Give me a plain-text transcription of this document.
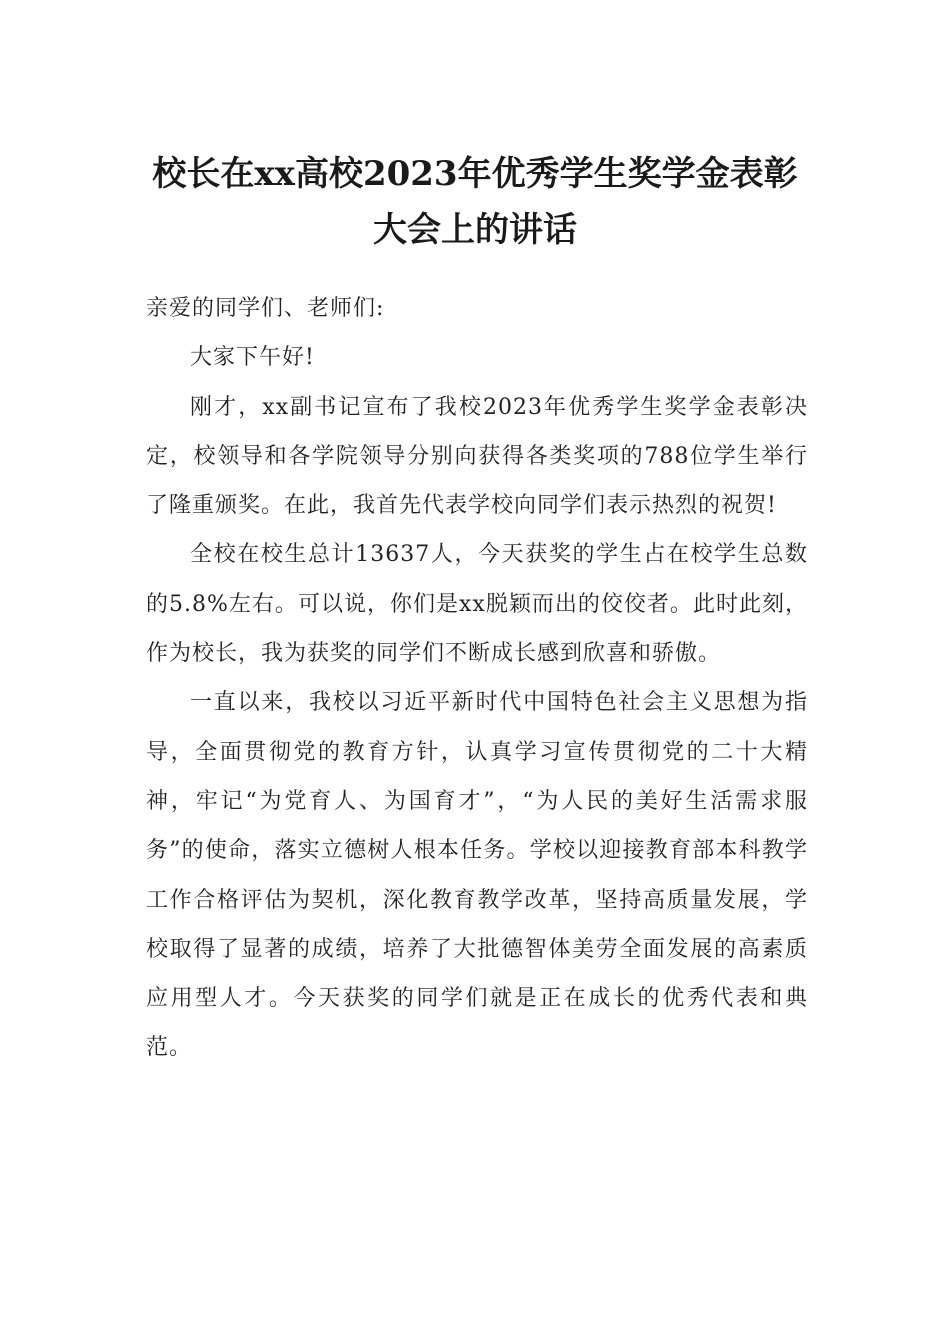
校长在xx高校2023年优秀学生奖学金表彰
大会上的讲话

亲爱的同学们、老师们:

大家下午好!

刚才，xx副书记宣布了我校2023年优秀学生奖学金表彰决定，校领导和各学院领导分别向获得各类奖项的788位学生举行了隆重颁奖。在此，我首先代表学校向同学们表示热烈的祝贺!

全校在校生总计13637人，今天获奖的学生占在校学生总数的5.8%左右。可以说，你们是xx脱颖而出的佼佼者。此时此刻，作为校长，我为获奖的同学们不断成长感到欣喜和骄傲。

一直以来，我校以习近平新时代中国特色社会主义思想为指导，全面贯彻党的教育方针，认真学习宣传贯彻党的二十大精神，牢记“为党育人、为国育才”，“为人民的美好生活需求服务”的使命，落实立德树人根本任务。学校以迎接教育部本科教学工作合格评估为契机，深化教育教学改革，坚持高质量发展，学校取得了显著的成绩，培养了大批德智体美劳全面发展的高素质应用型人才。今天获奖的同学们就是正在成长的优秀代表和典范。
